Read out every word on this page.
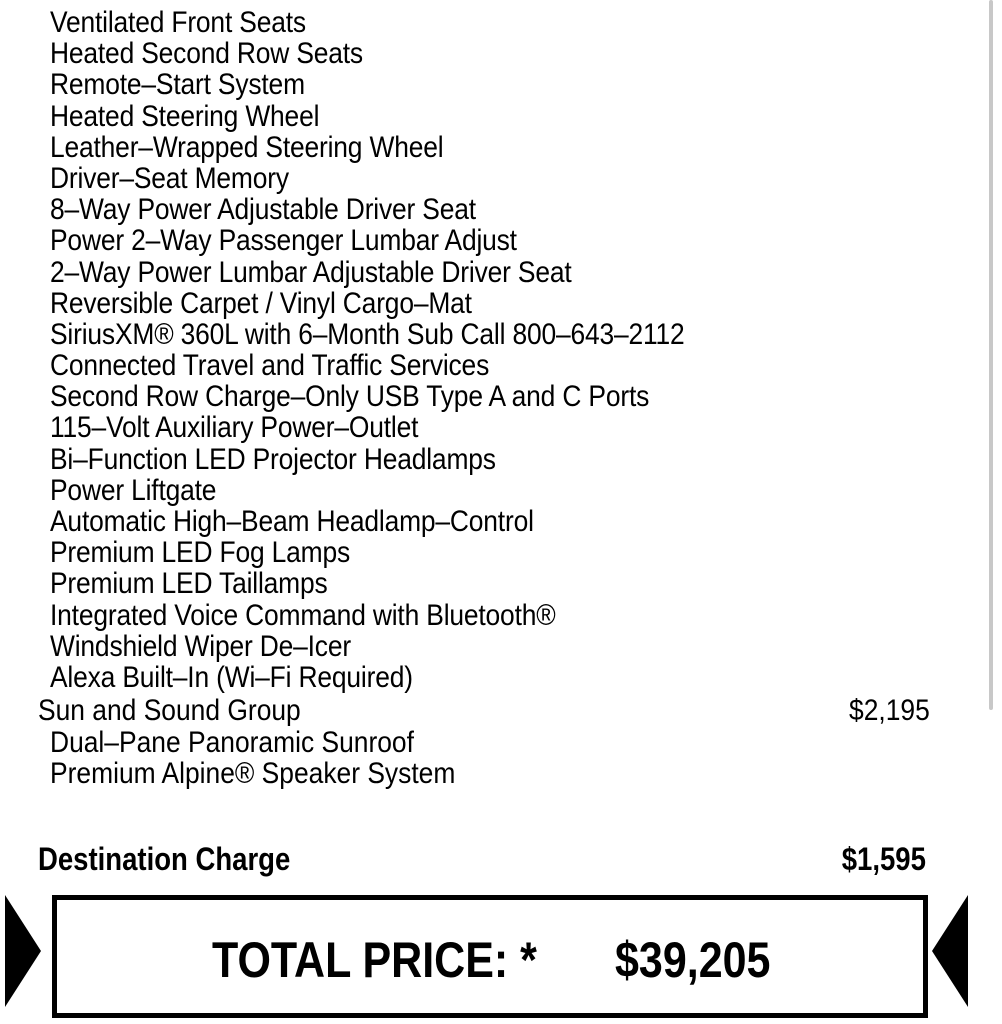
Ventilated Front Seats
Heated Second Row Seats
Remote–Start System
Heated Steering Wheel
Leather–Wrapped Steering Wheel
Driver–Seat Memory
8–Way Power Adjustable Driver Seat
Power 2–Way Passenger Lumbar Adjust
2–Way Power Lumbar Adjustable Driver Seat
Reversible Carpet / Vinyl Cargo–Mat
SiriusXM® 360L with 6–Month Sub Call 800–643–2112
Connected Travel and Traffic Services
Second Row Charge–Only USB Type A and C Ports
115–Volt Auxiliary Power–Outlet
Bi–Function LED Projector Headlamps
Power Liftgate
Automatic High–Beam Headlamp–Control
Premium LED Fog Lamps
Premium LED Taillamps
Integrated Voice Command with Bluetooth®
Windshield Wiper De–Icer
Alexa Built–In (Wi–Fi Required)
Sun and Sound Group	$2,195
Dual–Pane Panoramic Sunroof
Premium Alpine® Speaker System
Destination Charge	$1,595
TOTAL PRICE: * $39,205
